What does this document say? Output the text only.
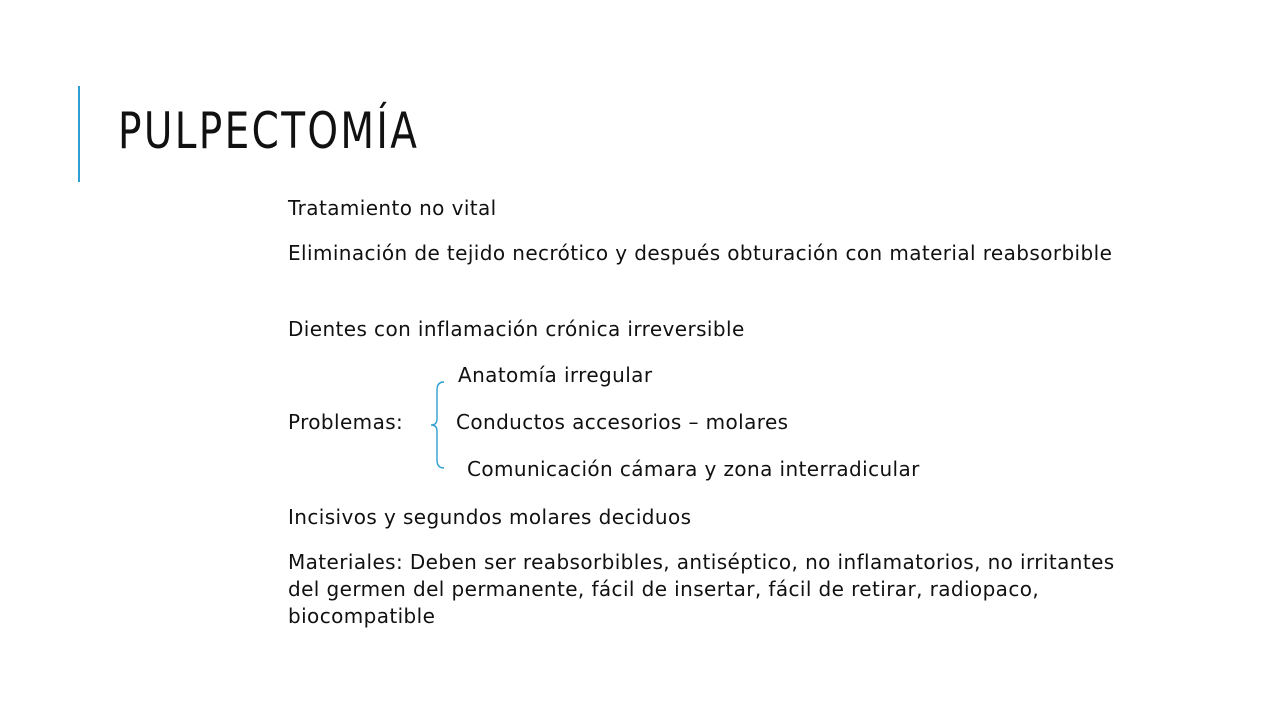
PULPECTOMÍA

Tratamiento no vital

Eliminación de tejido necrótico y después obturación con material reabsorbible

Dientes con inflamación crónica irreversible

Anatomía irregular
Problemas:	Conductos accesorios – molares
Comunicación cámara y zona interradicular

Incisivos y segundos molares deciduos

Materiales: Deben ser reabsorbibles, antiséptico, no inflamatorios, no irritantes del germen del permanente, fácil de insertar, fácil de retirar, radiopaco, biocompatible
